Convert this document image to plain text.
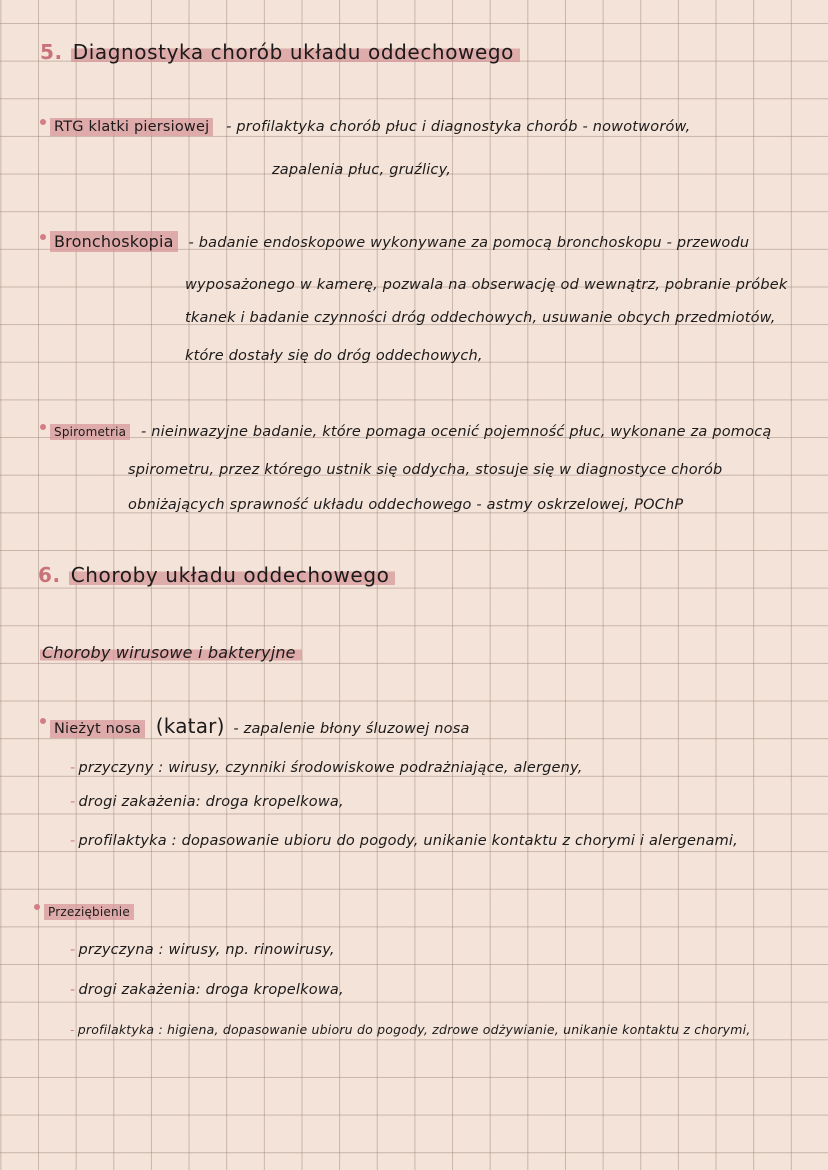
5. Diagnostyka chorób układu oddechowego
RTG klatki piersiowej - profilaktyka chorób płuc i diagnostyka chorób - nowotworów,
zapalenia płuc, gruźlicy,
Bronchoskopia - badanie endoskopowe wykonywane za pomocą bronchoskopu - przewodu
wyposażonego w kamerę, pozwala na obserwację od wewnątrz, pobranie próbek
tkanek i badanie czynności dróg oddechowych, usuwanie obcych przedmiotów,
które dostały się do dróg oddechowych,
Spirometria - nieinwazyjne badanie, które pomaga ocenić pojemność płuc, wykonane za pomocą
spirometru, przez którego ustnik się oddycha, stosuje się w diagnostyce chorób
obniżających sprawność układu oddechowego - astmy oskrzelowej, POChP
6. Choroby układu oddechowego
Choroby wirusowe i bakteryjne
Nieżyt nosa (katar) - zapalenie błony śluzowej nosa
- przyczyny : wirusy, czynniki środowiskowe podrażniające, alergeny,
- drogi zakażenia: droga kropelkowa,
- profilaktyka : dopasowanie ubioru do pogody, unikanie kontaktu z chorymi i alergenami,
Przeziębienie
- przyczyna : wirusy, np. rinowirusy,
- drogi zakażenia: droga kropelkowa,
- profilaktyka : higiena, dopasowanie ubioru do pogody, zdrowe odżywianie, unikanie kontaktu z chorymi,
